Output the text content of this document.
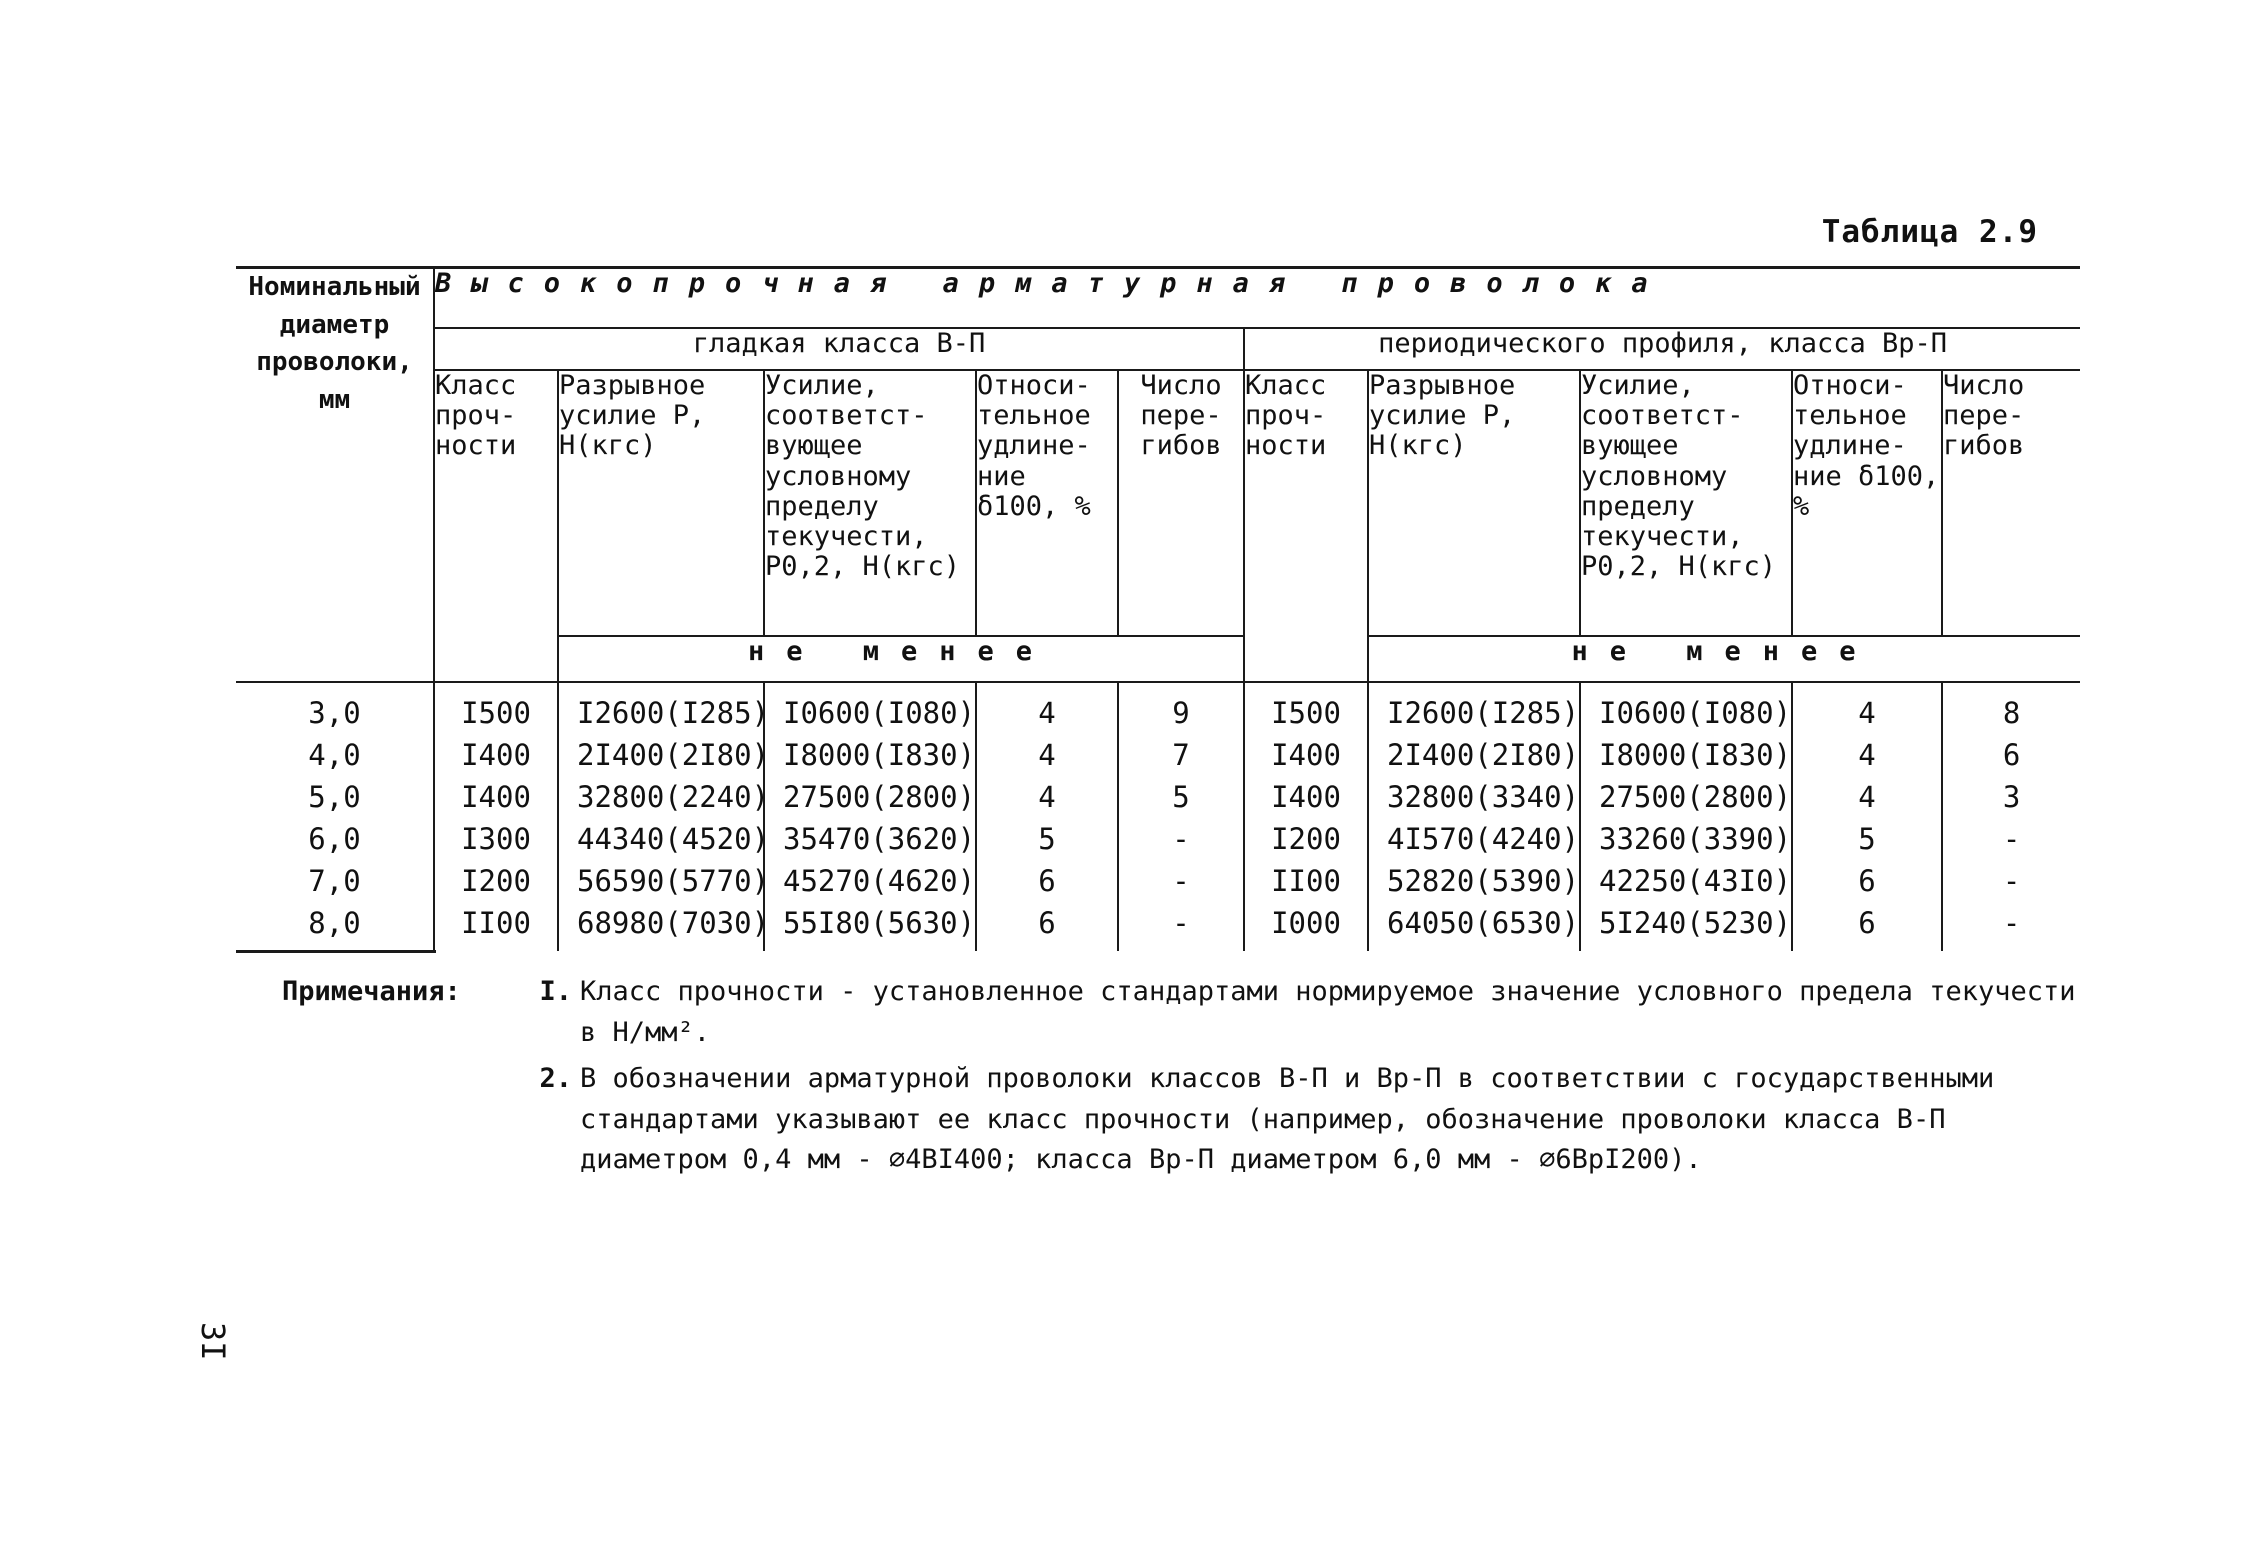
Таблица 2.9
Номинальный
диаметр
проволоки,
мм	Высокопрочная арматурная проволока									
	гладкая класса В-П					периодического профиля, класса Вр-П				
	Класс проч- ности	Разрывное усилие Р, Н(кгс)	Усилие, соответст- вующее условному пределу текучести, Р0,2, Н(кгс)	Относи- тельное удлине- ние δ100, %	Число пере- гибов	Класс проч- ности	Разрывное усилие Р, Н(кгс)	Усилие, соответст- вующее условному пределу текучести, Р0,2, Н(кгс)	Относи- тельное удлине- ние δ100, %	Число пере- гибов
		не менее					не менее			
3,0	I500	I2600(I285)	I0600(I080)	4	9	I500	I2600(I285)	I0600(I080)	4	8
4,0	I400	2I400(2I80)	I8000(I830)	4	7	I400	2I400(2I80)	I8000(I830)	4	6
5,0	I400	32800(2240)	27500(2800)	4	5	I400	32800(3340)	27500(2800)	4	3
6,0	I300	44340(4520)	35470(3620)	5	-	I200	4I570(4240)	33260(3390)	5	-
7,0	I200	56590(5770)	45270(4620)	6	-	II00	52820(5390)	42250(43I0)	6	-
8,0	II00	68980(7030)	55I80(5630)	6	-	I000	64050(6530)	5I240(5230)	6	-
Примечания:	I. Класс прочности - установленное стандартами нормируемое значение условного предела текучести в Н/мм².
2. В обозначении арматурной проволоки классов В-П и Вр-П в соответствии с государственными стандартами указывают ее класс прочности (например, обозначение проволоки класса В-П диаметром 0,4 мм - ∅4ВI400; класса Вр-П диаметром 6,0 мм - ∅6ВрI200).
3I
